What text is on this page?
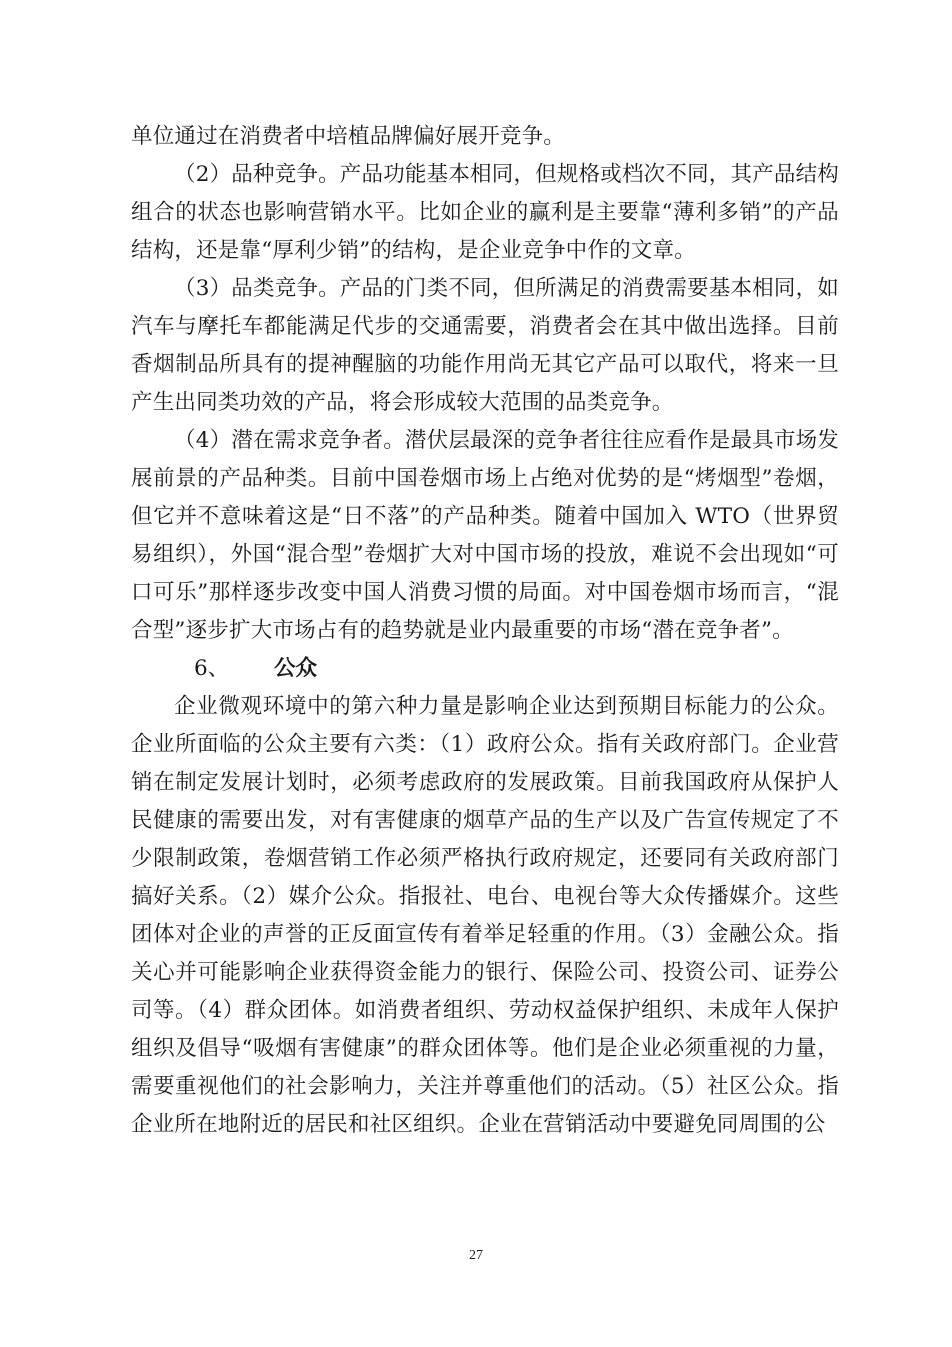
单位通过在消费者中培植品牌偏好展开竞争。

（2）品种竞争。产品功能基本相同，但规格或档次不同，其产品结构组合的状态也影响营销水平。比如企业的赢利是主要靠“薄利多销”的产品结构，还是靠“厚利少销”的结构，是企业竞争中作的文章。

（3）品类竞争。产品的门类不同，但所满足的消费需要基本相同，如汽车与摩托车都能满足代步的交通需要，消费者会在其中做出选择。目前香烟制品所具有的提神醒脑的功能作用尚无其它产品可以取代，将来一旦产生出同类功效的产品，将会形成较大范围的品类竞争。

（4）潜在需求竞争者。潜伏层最深的竞争者往往应看作是最具市场发展前景的产品种类。目前中国卷烟市场上占绝对优势的是“烤烟型”卷烟，但它并不意味着这是“日不落”的产品种类。随着中国加入 WTO（世界贸易组织），外国“混合型”卷烟扩大对中国市场的投放，难说不会出现如“可口可乐”那样逐步改变中国人消费习惯的局面。对中国卷烟市场而言，“混合型”逐步扩大市场占有的趋势就是业内最重要的市场“潜在竞争者”。

6、 公众

企业微观环境中的第六种力量是影响企业达到预期目标能力的公众。企业所面临的公众主要有六类：（1）政府公众。指有关政府部门。企业营销在制定发展计划时，必须考虑政府的发展政策。目前我国政府从保护人民健康的需要出发，对有害健康的烟草产品的生产以及广告宣传规定了不少限制政策，卷烟营销工作必须严格执行政府规定，还要同有关政府部门搞好关系。（2）媒介公众。指报社、电台、电视台等大众传播媒介。这些团体对企业的声誉的正反面宣传有着举足轻重的作用。（3）金融公众。指关心并可能影响企业获得资金能力的银行、保险公司、投资公司、证券公司等。（4）群众团体。如消费者组织、劳动权益保护组织、未成年人保护组织及倡导“吸烟有害健康”的群众团体等。他们是企业必须重视的力量，需要重视他们的社会影响力，关注并尊重他们的活动。（5）社区公众。指企业所在地附近的居民和社区组织。企业在营销活动中要避免同周围的公

27
